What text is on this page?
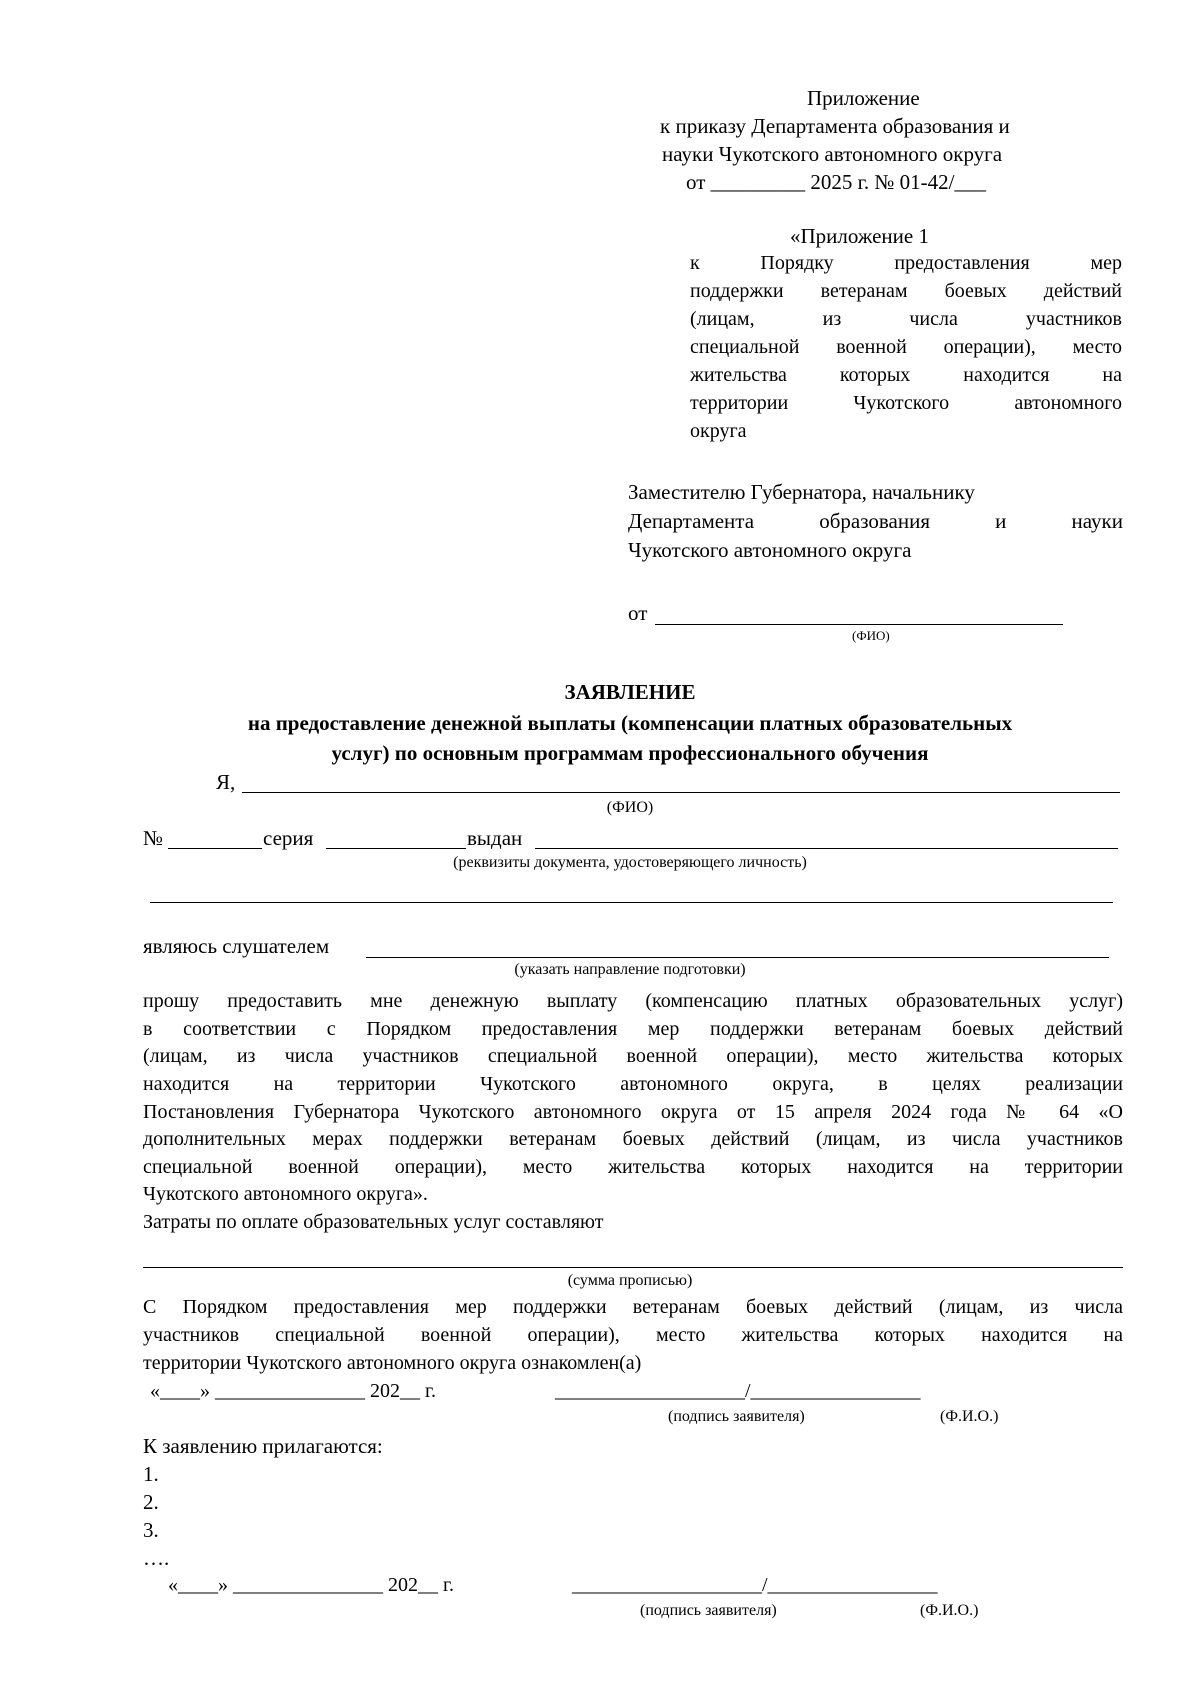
Приложение
к приказу Департамента образования и
науки Чукотского автономного округа
от _________ 2025 г. № 01-42/___
«Приложение 1
к Порядку предоставления мер
поддержки ветеранам боевых действий
(лицам, из числа участников
специальной военной операции), место
жительства которых находится на
территории Чукотского автономного
округа
Заместителю Губернатора, начальнику
Департамента образования и науки
Чукотского автономного округа
от
(ФИО)
ЗАЯВЛЕНИЕ
на предоставление денежной выплаты (компенсации платных образовательных
услуг) по основным программам профессионального обучения
Я,
(ФИО)
№	серия	выдан
(реквизиты документа, удостоверяющего личность)
являюсь слушателем
(указать направление подготовки)
прошу предоставить мне денежную выплату (компенсацию платных образовательных услуг)
в соответствии с Порядком предоставления мер поддержки ветеранам боевых действий
(лицам, из числа участников специальной военной операции), место жительства которых
находится на территории Чукотского автономного округа, в целях реализации
Постановления Губернатора Чукотского автономного округа от 15 апреля 2024 года № 64 «О
дополнительных мерах поддержки ветеранам боевых действий (лицам, из числа участников
специальной военной операции), место жительства которых находится на территории
Чукотского автономного округа».
Затраты по оплате образовательных услуг составляют
(сумма прописью)
С Порядком предоставления мер поддержки ветеранам боевых действий (лицам, из числа
участников специальной военной операции), место жительства которых находится на
территории Чукотского автономного округа ознакомлен(а)
«____» _______________ 202__ г.	___________________/_________________
(подпись заявителя)	(Ф.И.О.)
К заявлению прилагаются:
1.
2.
3.
….
«____» _______________ 202__ г.	___________________/_________________
(подпись заявителя)	(Ф.И.О.)
